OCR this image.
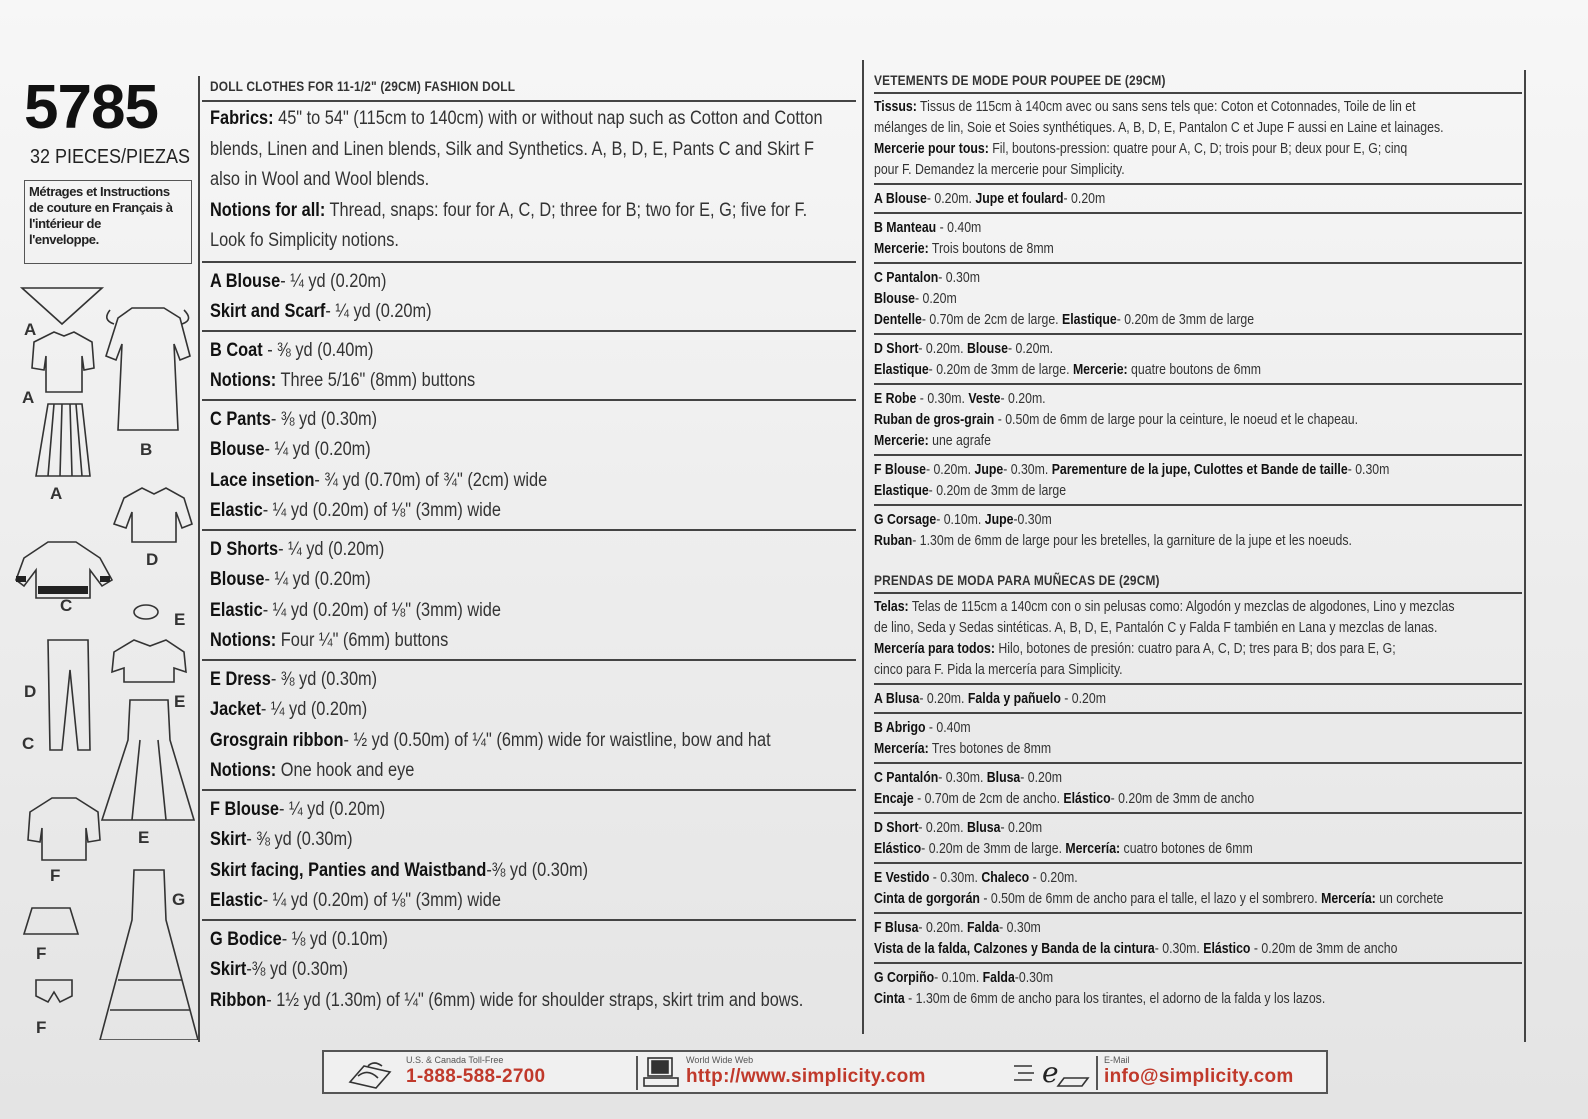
5785
32 PIECES/PIEZAS
Métrages et Instructions
de couture en Français à
l'intérieur de
l'enveloppe.
A
A
A
B
D
C
E
E
D
C
E
F
G
F
F
DOLL CLOTHES FOR 11-1/2" (29CM) FASHION DOLL
Fabrics: 45" to 54" (115cm to 140cm) with or without nap such as Cotton and Cotton
blends, Linen and Linen blends, Silk and Synthetics. A, B, D, E, Pants C and Skirt F
also in Wool and Wool blends.
Notions for all: Thread, snaps: four for A, C, D; three for B; two for E, G; five for F.
Look fo Simplicity notions.
A Blouse- ¼ yd (0.20m)
Skirt and Scarf- ¼ yd (0.20m)
B Coat - ⅜ yd (0.40m)
Notions: Three 5/16" (8mm) buttons
C Pants- ⅜ yd (0.30m)
Blouse- ¼ yd (0.20m)
Lace insetion- ¾ yd (0.70m) of ¾" (2cm) wide
Elastic- ¼ yd (0.20m) of ⅛" (3mm) wide
D Shorts- ¼ yd (0.20m)
Blouse- ¼ yd (0.20m)
Elastic- ¼ yd (0.20m) of ⅛" (3mm) wide
Notions: Four ¼" (6mm) buttons
E Dress- ⅜ yd (0.30m)
Jacket- ¼ yd (0.20m)
Grosgrain ribbon- ½ yd (0.50m) of ¼" (6mm) wide for waistline, bow and hat
Notions: One hook and eye
F Blouse- ¼ yd (0.20m)
Skirt- ⅜ yd (0.30m)
Skirt facing, Panties and Waistband-⅜ yd (0.30m)
Elastic- ¼ yd (0.20m) of ⅛" (3mm) wide
G Bodice- ⅛ yd (0.10m)
Skirt-⅜ yd (0.30m)
Ribbon- 1½ yd (1.30m) of ¼" (6mm) wide for shoulder straps, skirt trim and bows.
VETEMENTS DE MODE POUR POUPEE DE (29CM)
Tissus: Tissus de 115cm à 140cm avec ou sans sens tels que: Coton et Cotonnades, Toile de lin et
mélanges de lin, Soie et Soies synthétiques. A, B, D, E, Pantalon C et Jupe F aussi en Laine et lainages.
Mercerie pour tous: Fil, boutons-pression: quatre pour A, C, D; trois pour B; deux pour E, G; cinq
pour F. Demandez la mercerie pour Simplicity.
A Blouse- 0.20m. Jupe et foulard- 0.20m
B Manteau - 0.40m
Mercerie: Trois boutons de 8mm
C Pantalon- 0.30m
Blouse- 0.20m
Dentelle- 0.70m de 2cm de large. Elastique- 0.20m de 3mm de large
D Short- 0.20m. Blouse- 0.20m.
Elastique- 0.20m de 3mm de large. Mercerie: quatre boutons de 6mm
E Robe - 0.30m. Veste- 0.20m.
Ruban de gros-grain - 0.50m de 6mm de large pour la ceinture, le noeud et le chapeau.
Mercerie: une agrafe
F Blouse- 0.20m. Jupe- 0.30m. Parementure de la jupe, Culottes et Bande de taille- 0.30m
Elastique- 0.20m de 3mm de large
G Corsage- 0.10m. Jupe-0.30m
Ruban- 1.30m de 6mm de large pour les bretelles, la garniture de la jupe et les noeuds.
PRENDAS DE MODA PARA MUÑECAS DE (29CM)
Telas: Telas de 115cm a 140cm con o sin pelusas como: Algodón y mezclas de algodones, Lino y mezclas
de lino, Seda y Sedas sintéticas. A, B, D, E, Pantalón C y Falda F también en Lana y mezclas de lanas.
Mercería para todos: Hilo, botones de presión: cuatro para A, C, D; tres para B; dos para E, G;
cinco para F. Pida la mercería para Simplicity.
A Blusa- 0.20m. Falda y pañuelo - 0.20m
B Abrigo - 0.40m
Mercería: Tres botones de 8mm
C Pantalón- 0.30m. Blusa- 0.20m
Encaje - 0.70m de 2cm de ancho. Elástico- 0.20m de 3mm de ancho
D Short- 0.20m. Blusa- 0.20m
Elástico- 0.20m de 3mm de large. Mercería: cuatro botones de 6mm
E Vestido - 0.30m. Chaleco - 0.20m.
Cinta de gorgorán - 0.50m de 6mm de ancho para el talle, el lazo y el sombrero. Mercería: un corchete
F Blusa- 0.20m. Falda- 0.30m
Vista de la falda, Calzones y Banda de la cintura- 0.30m. Elástico - 0.20m de 3mm de ancho
G Corpiño- 0.10m. Falda-0.30m
Cinta - 1.30m de 6mm de ancho para los tirantes, el adorno de la falda y los lazos.
U.S. & Canada Toll-Free
1-888-588-2700
World Wide Web
http://www.simplicity.com	e	E-Mail
info@simplicity.com
